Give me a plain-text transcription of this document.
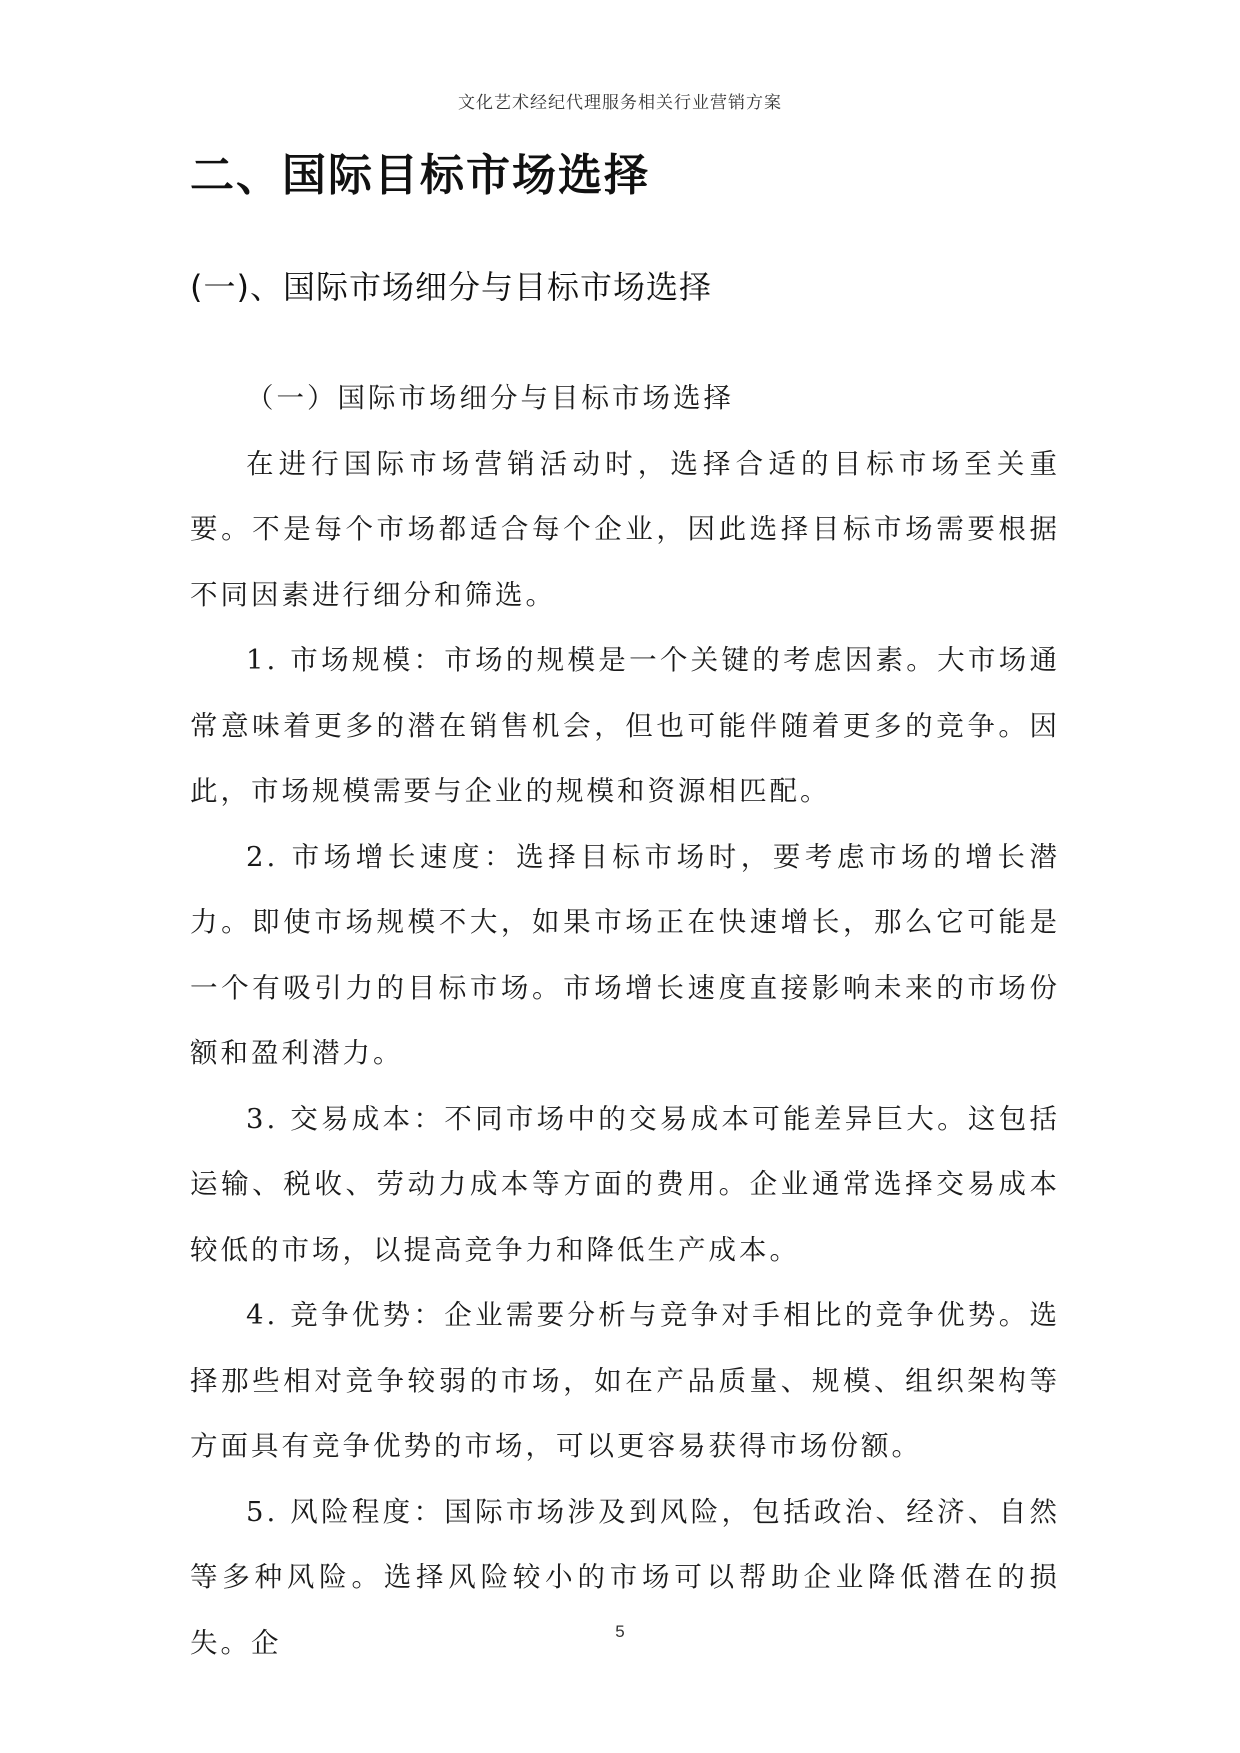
文化艺术经纪代理服务相关行业营销方案
二、国际目标市场选择
(一)、国际市场细分与目标市场选择

（一）国际市场细分与目标市场选择

在进行国际市场营销活动时，选择合适的目标市场至关重要。不是每个市场都适合每个企业，因此选择目标市场需要根据不同因素进行细分和筛选。

1. 市场规模：市场的规模是一个关键的考虑因素。大市场通常意味着更多的潜在销售机会，但也可能伴随着更多的竞争。因此，市场规模需要与企业的规模和资源相匹配。

2. 市场增长速度：选择目标市场时，要考虑市场的增长潜力。即使市场规模不大，如果市场正在快速增长，那么它可能是一个有吸引力的目标市场。市场增长速度直接影响未来的市场份额和盈利潜力。

3. 交易成本：不同市场中的交易成本可能差异巨大。这包括运输、税收、劳动力成本等方面的费用。企业通常选择交易成本较低的市场，以提高竞争力和降低生产成本。

4. 竞争优势：企业需要分析与竞争对手相比的竞争优势。选择那些相对竞争较弱的市场，如在产品质量、规模、组织架构等方面具有竞争优势的市场，可以更容易获得市场份额。

5. 风险程度：国际市场涉及到风险，包括政治、经济、自然等多种风险。选择风险较小的市场可以帮助企业降低潜在的损失。企	5
